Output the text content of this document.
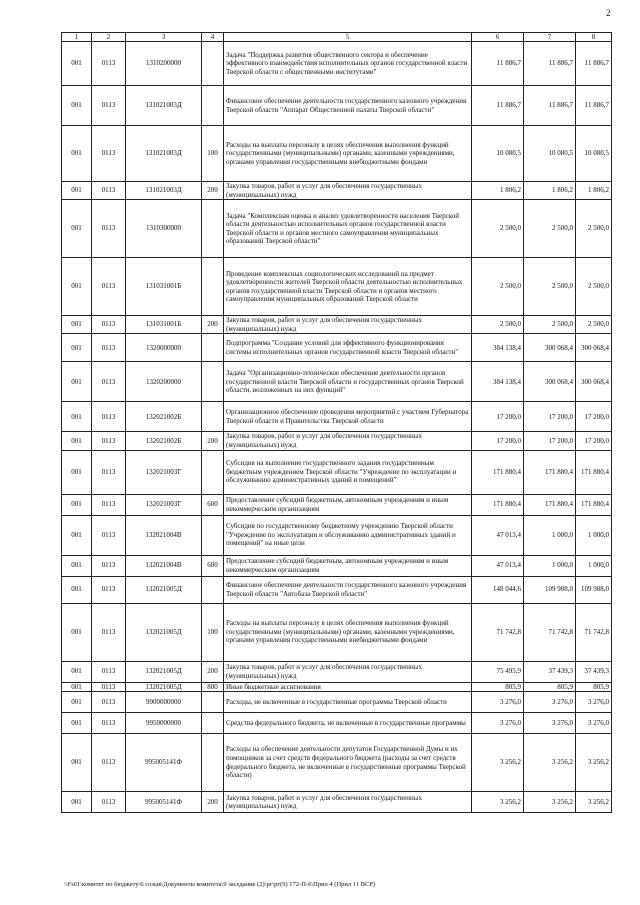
2
1	2	3	4	5	6	7	8
001	0113	1310200000		Задача "Поддержка развития общественного сектора и обеспечение эффективного взаимодействия исполнительных органов государственной власти Тверской области с общественными институтами"	11 886,7	11 886,7	11 886,7
001	0113	131021003Д		Финансовое обеспечение деятельности государственного казенного учреждения Тверской области "Аппарат Общественной палаты Тверской области"	11 886,7	11 886,7	11 886,7
001	0113	131021003Д	100	Расходы на выплаты персоналу в целях обеспечения выполнения функций государственными (муниципальными) органами, казенными учреждениями, органами управления государственными внебюджетными фондами	10 080,5	10 080,5	10 080,5
001	0113	131021003Д	200	Закупка товаров, работ и услуг для обеспечения государственных (муниципальных) нужд	1 806,2	1 806,2	1 806,2
001	0113	1310300000		Задача "Комплексная оценка и анализ удовлетворенности населения Тверской области деятельностью исполнительных органов государственной власти Тверской области и органов местного самоуправления муниципальных образований Тверской области"	2 500,0	2 500,0	2 500,0
001	0113	131031001Б		Проведение комплексных социологических исследований на предмет удовлетворенности жителей Тверской области деятельностью исполнительных органов государственной власти Тверской области и органов местного самоуправления муниципальных образований Тверской области	2 500,0	2 500,0	2 500,0
001	0113	131031001Б	200	Закупка товаров, работ и услуг для обеспечения государственных (муниципальных) нужд	2 500,0	2 500,0	2 500,0
001	0113	1320000000		Подпрограмма "Создание условий для эффективного функционирования системы исполнительных органов государственной власти Тверской области"	384 138,4	300 068,4	300 068,4
001	0113	1320200000		Задача "Организационно-техническое обеспечение деятельности органов государственной власти Тверской области и государственных органов Тверской области, возложенных на них функций"	384 138,4	300 068,4	300 068,4
001	0113	132021002Б		Организационное обеспечение проведения мероприятий с участием Губернатора Тверской области и Правительства Тверской области	17 200,0	17 200,0	17 200,0
001	0113	132021002Б	200	Закупка товаров, работ и услуг для обеспечения государственных (муниципальных) нужд	17 200,0	17 200,0	17 200,0
001	0113	132021003Г		Субсидия на выполнение государственного задания государственным бюджетным учреждением Тверской области "Учреждение по эксплуатации и обслуживанию административных зданий и помещений"	171 880,4	171 880,4	171 880,4
001	0113	132021003Г	600	Предоставление субсидий бюджетным, автономным учреждениям и иным некоммерческим организациям	171 880,4	171 880,4	171 880,4
001	0113	132021004В		Субсидия по государственному бюджетному учреждению Тверской области "Учреждение по эксплуатации и обслуживанию административных зданий и помещений" на иные цели	47 013,4	1 000,0	1 000,0
001	0113	132021004В	600	Предоставление субсидий бюджетным, автономным учреждениям и иным некоммерческим организациям	47 013,4	1 000,0	1 000,0
001	0113	132021005Д		Финансовое обеспечение деятельности государственного казенного учреждения Тверской области "Автобаза Тверской области"	148 044,6	109 988,0	109 988,0
001	0113	132021005Д	100	Расходы на выплаты персоналу в целях обеспечения выполнения функций государственными (муниципальными) органами, казенными учреждениями, органами управления государственными внебюджетными фондами	71 742,8	71 742,8	71 742,8
001	0113	132021005Д	200	Закупка товаров, работ и услуг для обеспечения государственных (муниципальных) нужд	75 495,9	37 439,3	37 439,3
001	0113	132021005Д	800	Иные бюджетные ассигнования	805,9	805,9	805,9
001	0113	9900000000		Расходы, не включенные в государственные программы Тверской области	3 276,0	3 276,0	3 276,0
001	0113	9950000000		Средства федерального бюджета, не включенные в государственные программы	3 276,0	3 276,0	3 276,0
001	0113	995005141Ф		Расходы на обеспечение деятельности депутатов Государственной Думы и их помощников за счет средств федерального бюджета (расходы за счет средств федерального бюджета, не включенные в государственные программы Тверской области)	3 256,2	3 256,2	3 256,2
001	0113	995005141Ф	200	Закупка товаров, работ и услуг для обеспечения государственных (муниципальных) нужд	3 256,2	3 256,2	3 256,2
\\Fs01\комитет по бюджету\6 созыв\Документы комитета\9 заседание (2)\рг\рг(9) 172-П-6\Прил 4 (Прил 11 ВСР)
